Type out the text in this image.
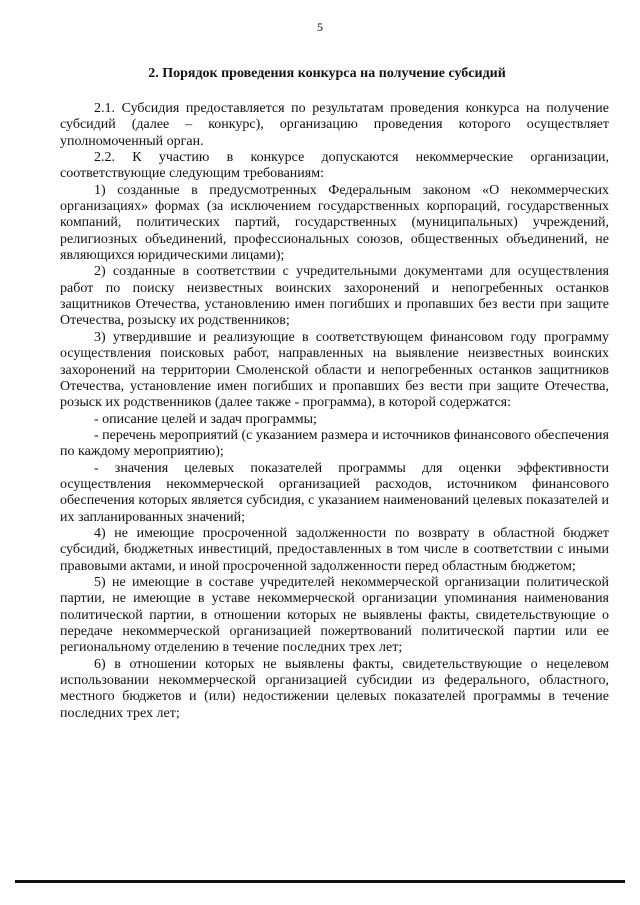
5
2. Порядок проведения конкурса на получение субсидий

2.1. Субсидия предоставляется по результатам проведения конкурса на получение субсидий (далее – конкурс), организацию проведения которого осуществляет уполномоченный орган.

2.2. К участию в конкурсе допускаются некоммерческие организации, соответствующие следующим требованиям:

1) созданные в предусмотренных Федеральным законом «О некоммерческих организациях» формах (за исключением государственных корпораций, государственных компаний, политических партий, государственных (муниципальных) учреждений, религиозных объединений, профессиональных союзов, общественных объединений, не являющихся юридическими лицами);

2) созданные в соответствии с учредительными документами для осуществления работ по поиску неизвестных воинских захоронений и непогребенных останков защитников Отечества, установлению имен погибших и пропавших без вести при защите Отечества, розыску их родственников;

3) утвердившие и реализующие в соответствующем финансовом году программу осуществления поисковых работ, направленных на выявление неизвестных воинских захоронений на территории Смоленской области и непогребенных останков защитников Отечества, установление имен погибших и пропавших без вести при защите Отечества, розыск их родственников (далее также - программа), в которой содержатся:

- описание целей и задач программы;

- перечень мероприятий (с указанием размера и источников финансового обеспечения по каждому мероприятию);

- значения целевых показателей программы для оценки эффективности осуществления некоммерческой организацией расходов, источником финансового обеспечения которых является субсидия, с указанием наименований целевых показателей и их запланированных значений;

4) не имеющие просроченной задолженности по возврату в областной бюджет субсидий, бюджетных инвестиций, предоставленных в том числе в соответствии с иными правовыми актами, и иной просроченной задолженности перед областным бюджетом;

5) не имеющие в составе учредителей некоммерческой организации политической партии, не имеющие в уставе некоммерческой организации упоминания наименования политической партии, в отношении которых не выявлены факты, свидетельствующие о передаче некоммерческой организацией пожертвований политической партии или ее региональному отделению в течение последних трех лет;

6) в отношении которых не выявлены факты, свидетельствующие о нецелевом использовании некоммерческой организацией субсидии из федерального, областного, местного бюджетов и (или) недостижении целевых показателей программы в течение последних трех лет;
